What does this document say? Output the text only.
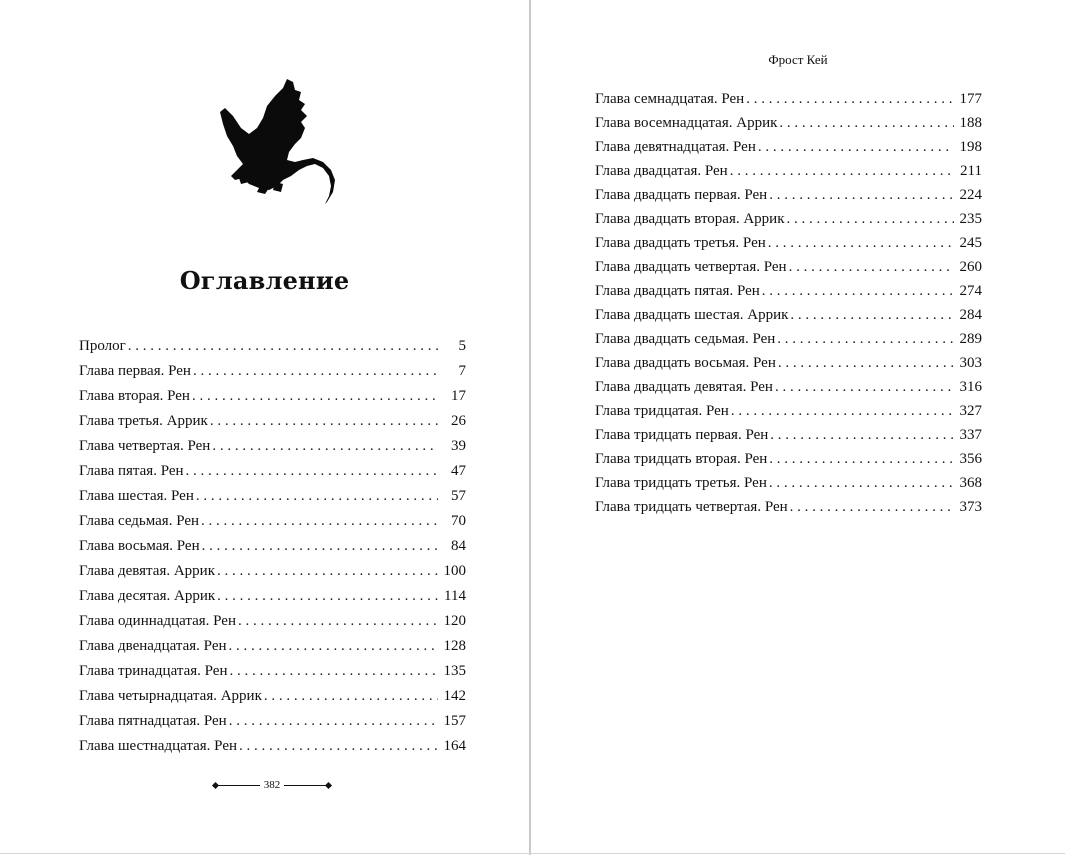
Оглавление
Пролог . . .	5
Глава первая. Рен . . .	7
Глава вторая. Рен . . .	17
Глава третья. Аррик . . .	26
Глава четвертая. Рен . . .	39
Глава пятая. Рен . . .	47
Глава шестая. Рен . . .	57
Глава седьмая. Рен . . .	70
Глава восьмая. Рен . . .	84
Глава девятая. Аррик . . .	100
Глава десятая. Аррик . . .	114
Глава одиннадцатая. Рен . . .	120
Глава двенадцатая. Рен . . .	128
Глава тринадцатая. Рен . . .	135
Глава четырнадцатая. Аррик . . .	142
Глава пятнадцатая. Рен . . .	157
Глава шестнадцатая. Рен . . .	164
382
Фрост Кей
Глава семнадцатая. Рен . . .	177
Глава восемнадцатая. Аррик . . .	188
Глава девятнадцатая. Рен . . .	198
Глава двадцатая. Рен . . .	211
Глава двадцать первая. Рен . . .	224
Глава двадцать вторая. Аррик . . .	235
Глава двадцать третья. Рен . . .	245
Глава двадцать четвертая. Рен . . .	260
Глава двадцать пятая. Рен . . .	274
Глава двадцать шестая. Аррик . . .	284
Глава двадцать седьмая. Рен . . .	289
Глава двадцать восьмая. Рен . . .	303
Глава двадцать девятая. Рен . . .	316
Глава тридцатая. Рен . . .	327
Глава тридцать первая. Рен . . .	337
Глава тридцать вторая. Рен . . .	356
Глава тридцать третья. Рен . . .	368
Глава тридцать четвертая. Рен . . .	373
